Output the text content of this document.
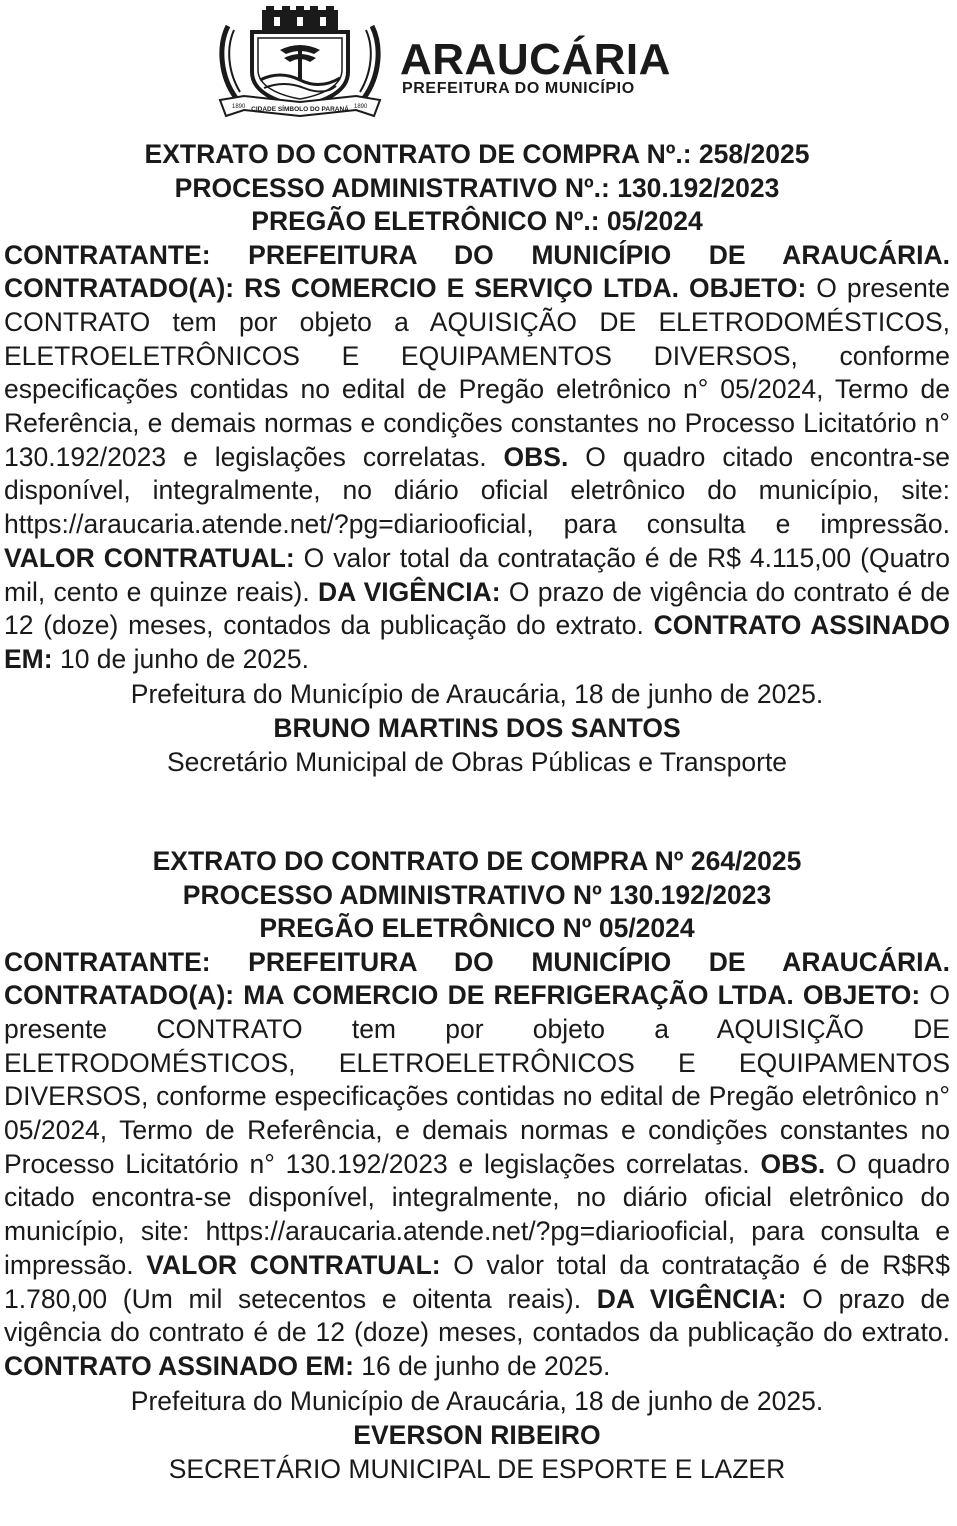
1890 CIDADE SÍMBOLO DO PARANÁ 1890
ARAUCÁRIA
PREFEITURA DO MUNICÍPIO

EXTRATO DO CONTRATO DE COMPRA Nº.: 258/2025

PROCESSO ADMINISTRATIVO Nº.: 130.192/2023

PREGÃO ELETRÔNICO Nº.: 05/2024

CONTRATANTE: PREFEITURA DO MUNICÍPIO DE ARAUCÁRIA. CONTRATADO(A): RS COMERCIO E SERVIÇO LTDA. OBJETO: O presente CONTRATO tem por objeto a AQUISIÇÃO DE ELETRODOMÉSTICOS, ELETROELETRÔNICOS E EQUIPAMENTOS DIVERSOS, conforme especificações contidas no edital de Pregão eletrônico n° 05/2024, Termo de Referência, e demais normas e condições constantes no Processo Licitatório n° 130.192/2023 e legislações correlatas. OBS. O quadro citado encontra-se disponível, integralmente, no diário oficial eletrônico do município, site: https://araucaria.atende.net/?pg=diariooficial, para consulta e impressão. VALOR CONTRATUAL: O valor total da contratação é de R$ 4.115,00 (Quatro mil, cento e quinze reais). DA VIGÊNCIA: O prazo de vigência do contrato é de 12 (doze) meses, contados da publicação do extrato. CONTRATO ASSINADO EM: 10 de junho de 2025.

Prefeitura do Município de Araucária, 18 de junho de 2025.

BRUNO MARTINS DOS SANTOS

Secretário Municipal de Obras Públicas e Transporte

EXTRATO DO CONTRATO DE COMPRA Nº 264/2025

PROCESSO ADMINISTRATIVO Nº 130.192/2023

PREGÃO ELETRÔNICO Nº 05/2024

CONTRATANTE: PREFEITURA DO MUNICÍPIO DE ARAUCÁRIA. CONTRATADO(A): MA COMERCIO DE REFRIGERAÇÃO LTDA. OBJETO: O presente CONTRATO tem por objeto a AQUISIÇÃO DE ELETRODOMÉSTICOS, ELETROELETRÔNICOS E EQUIPAMENTOS DIVERSOS, conforme especificações contidas no edital de Pregão eletrônico n° 05/2024, Termo de Referência, e demais normas e condições constantes no Processo Licitatório n° 130.192/2023 e legislações correlatas. OBS. O quadro citado encontra-se disponível, integralmente, no diário oficial eletrônico do município, site: https://araucaria.atende.net/?pg=diariooficial, para consulta e impressão. VALOR CONTRATUAL: O valor total da contratação é de R$R$ 1.780,00 (Um mil setecentos e oitenta reais). DA VIGÊNCIA: O prazo de vigência do contrato é de 12 (doze) meses, contados da publicação do extrato. CONTRATO ASSINADO EM: 16 de junho de 2025.

Prefeitura do Município de Araucária, 18 de junho de 2025.

EVERSON RIBEIRO

SECRETÁRIO MUNICIPAL DE ESPORTE E LAZER
